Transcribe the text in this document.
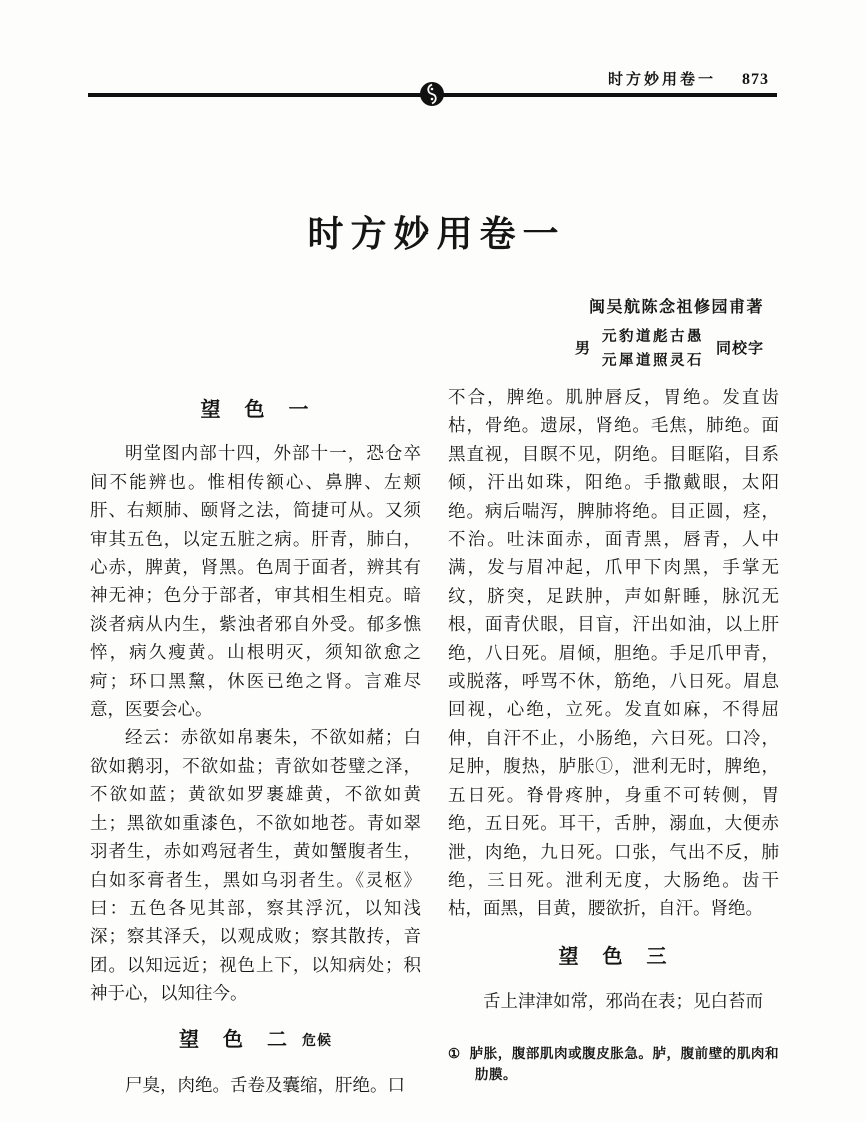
时方妙用卷一 873
时方妙用卷一
闽吴航陈念祖修园甫著
男
元豹道彪古愚
元犀道照灵石
同校字
望　色　一

明堂图内部十四，外部十一，恐仓卒间不能辨也。惟相传额心、鼻脾、左颊肝、右颊肺、颐肾之法，简捷可从。又须审其五色，以定五脏之病。肝青，肺白，心赤，脾黄，肾黑。色周于面者，辨其有神无神；色分于部者，审其相生相克。暗淡者病从内生，紫浊者邪自外受。郁多憔悴，病久瘦黄。山根明灭，须知欲愈之疴；环口黑黧，休医已绝之肾。言难尽意，医要会心。

经云：赤欲如帛裹朱，不欲如赭；白欲如鹅羽，不欲如盐；青欲如苍璧之泽，不欲如蓝；黄欲如罗裹雄黄，不欲如黄土；黑欲如重漆色，不欲如地苍。青如翠羽者生，赤如鸡冠者生，黄如蟹腹者生，白如豕膏者生，黑如乌羽者生。《灵枢》曰：五色各见其部，察其浮沉，以知浅深；察其泽夭，以观成败；察其散抟，音团。以知远近；视色上下，以知病处；积神于心，以知往今。

望　色　二 危候

尸臭，肉绝。舌卷及囊缩，肝绝。口

不合，脾绝。肌肿唇反，胃绝。发直齿枯，骨绝。遗尿，肾绝。毛焦，肺绝。面黑直视，目瞑不见，阴绝。目眶陷，目系倾，汗出如珠，阳绝。手撒戴眼，太阳绝。病后喘泻，脾肺将绝。目正圆，痉，不治。吐沫面赤，面青黑，唇青，人中满，发与眉冲起，爪甲下肉黑，手掌无纹，脐突，足趺肿，声如鼾睡，脉沉无根，面青伏眼，目盲，汗出如油，以上肝绝，八日死。眉倾，胆绝。手足爪甲青，或脱落，呼骂不休，筋绝，八日死。眉息回视，心绝，立死。发直如麻，不得屈伸，自汗不止，小肠绝，六日死。口冷，足肿，腹热，胪胀①，泄利无时，脾绝，五日死。脊骨疼肿，身重不可转侧，胃绝，五日死。耳干，舌肿，溺血，大便赤泄，肉绝，九日死。口张，气出不反，肺绝，三日死。泄利无度，大肠绝。齿干枯，面黑，目黄，腰欲折，自汗。肾绝。

望　色　三

舌上津津如常，邪尚在表；见白苔而

① 胪胀，腹部肌肉或腹皮胀急。胪，腹前壁的肌肉和肋膜。
